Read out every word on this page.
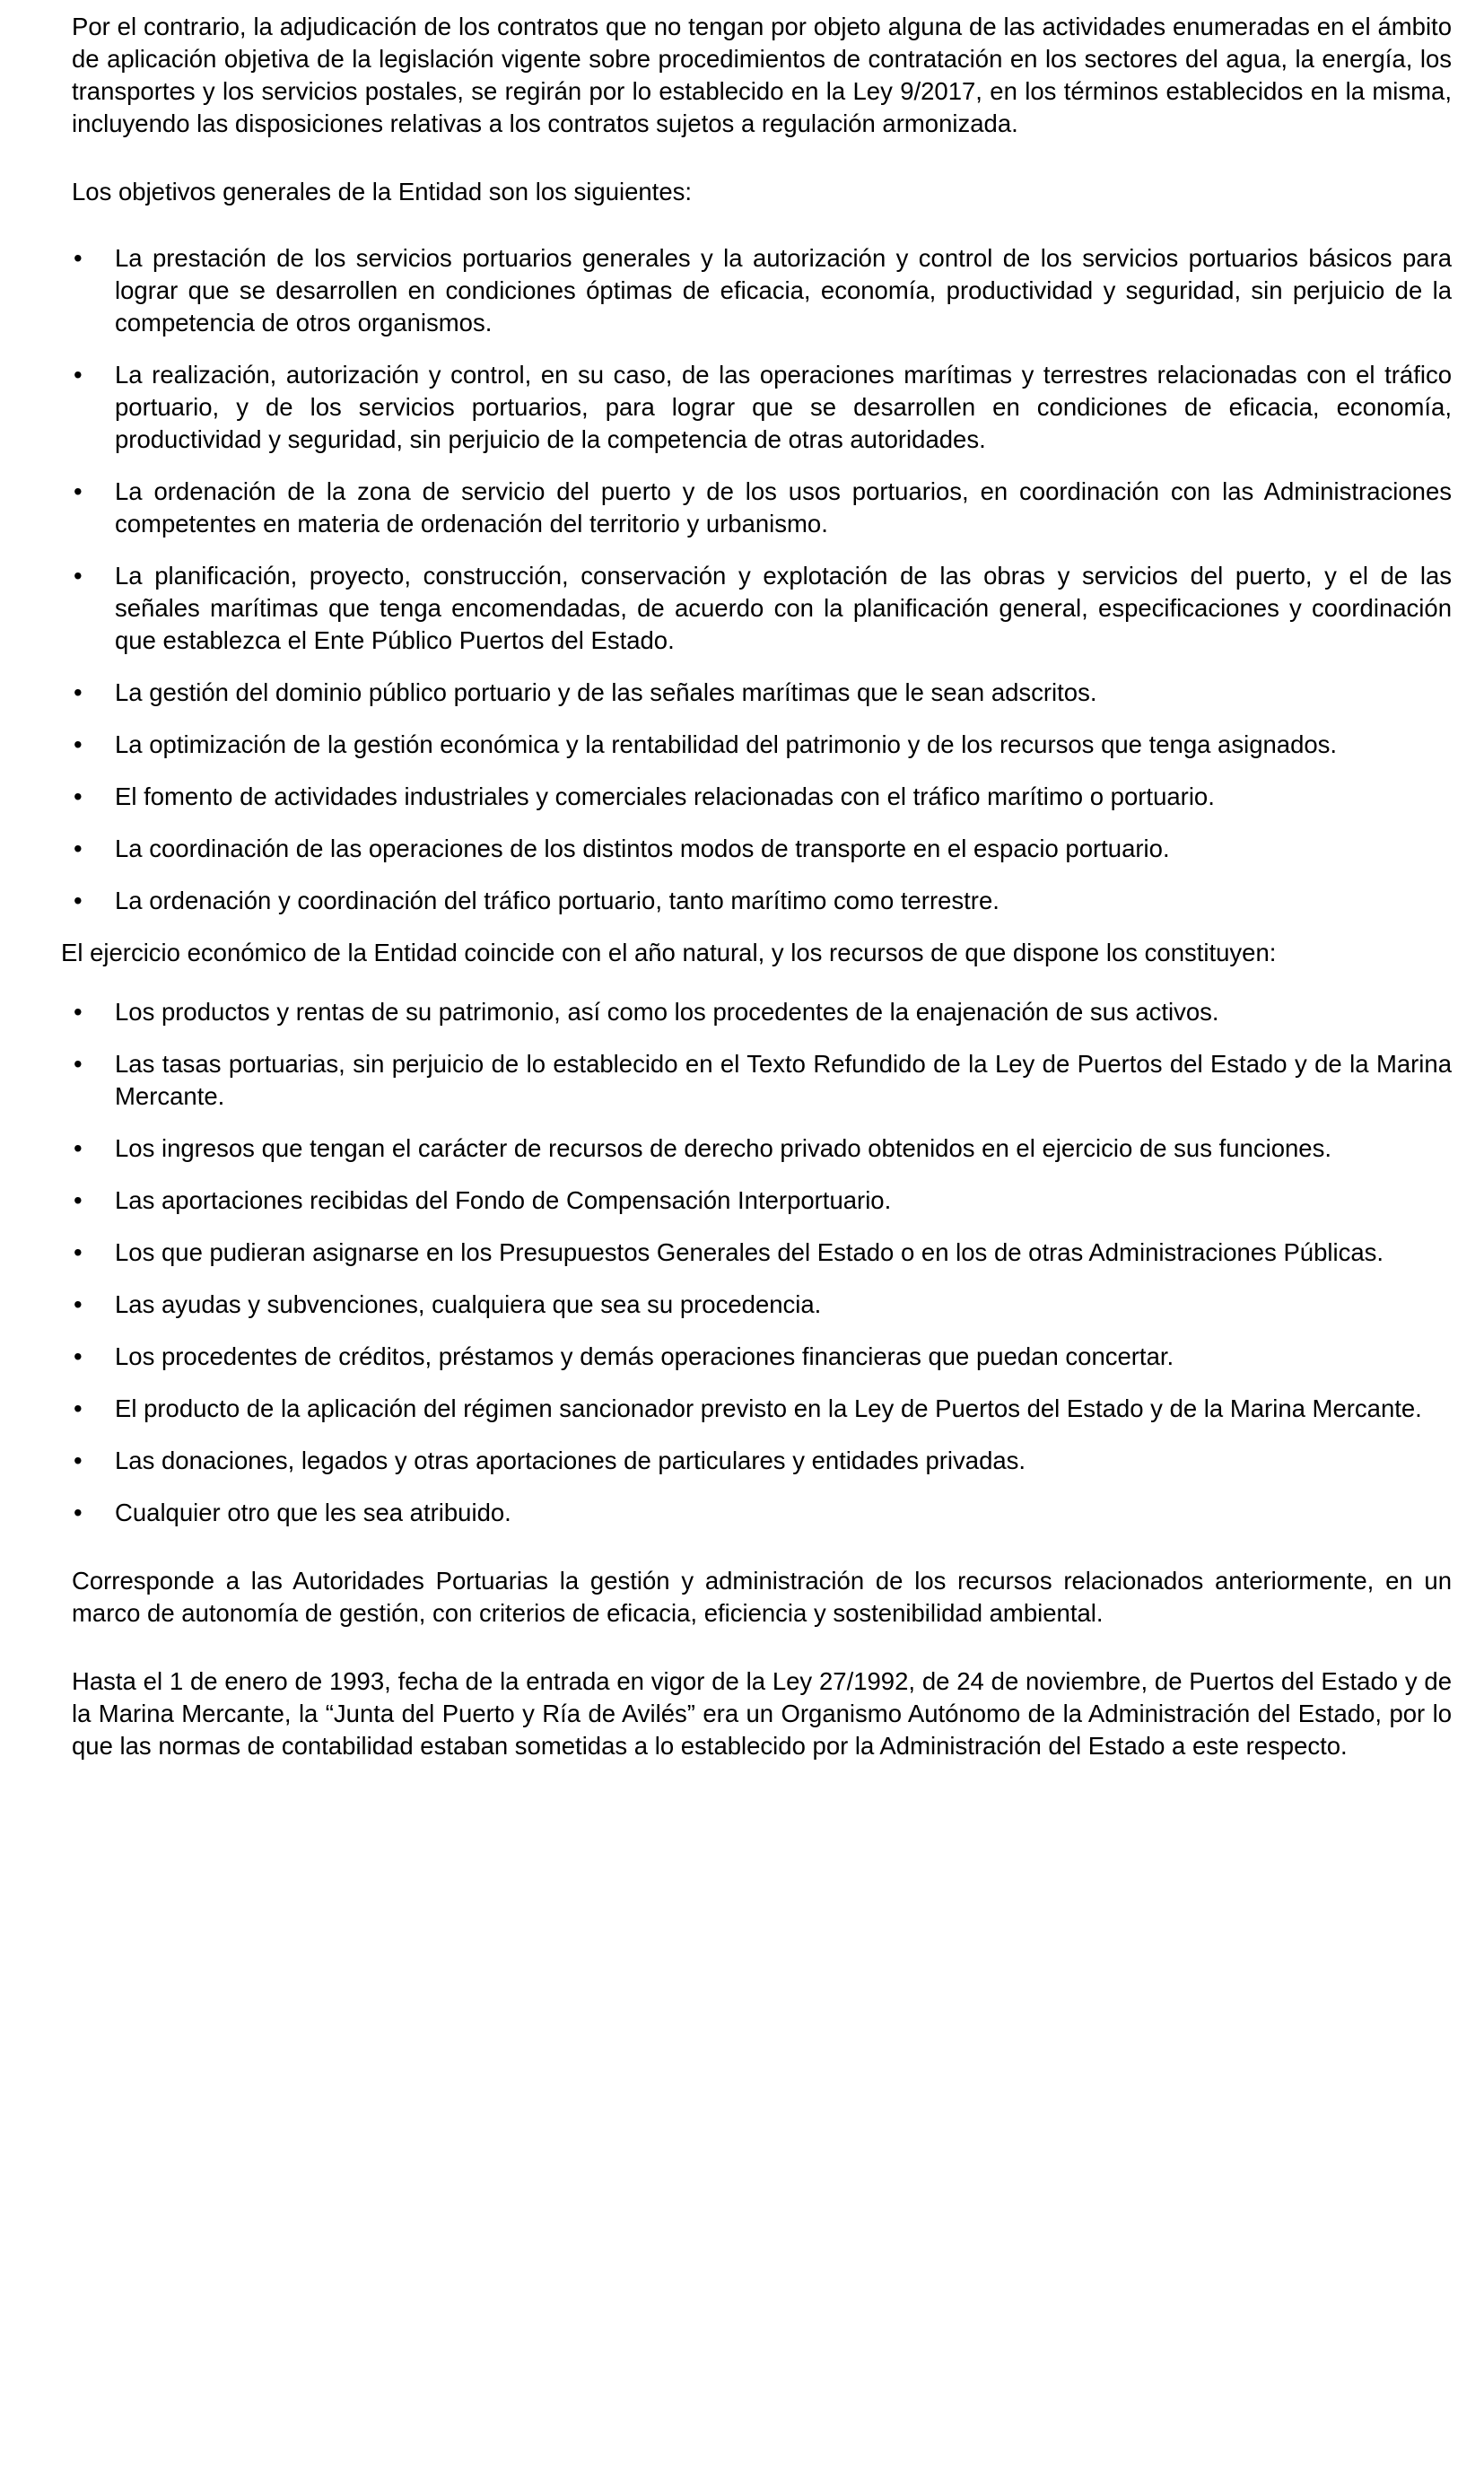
Por el contrario, la adjudicación de los contratos que no tengan por objeto alguna de las actividades enumeradas en el ámbito de aplicación objetiva de la legislación vigente sobre procedimientos de contratación en los sectores del agua, la energía, los transportes y los servicios postales, se regirán por lo establecido en la Ley 9/2017, en los términos establecidos en la misma, incluyendo las disposiciones relativas a los contratos sujetos a regulación armonizada.

Los objetivos generales de la Entidad son los siguientes:

•	La prestación de los servicios portuarios generales y la autorización y control de los servicios portuarios básicos para lograr que se desarrollen en condiciones óptimas de eficacia, economía, productividad y seguridad, sin perjuicio de la competencia de otros organismos.
•	La realización, autorización y control, en su caso, de las operaciones marítimas y terrestres relacionadas con el tráfico portuario, y de los servicios portuarios, para lograr que se desarrollen en condiciones de eficacia, economía, productividad y seguridad, sin perjuicio de la competencia de otras autoridades.
•	La ordenación de la zona de servicio del puerto y de los usos portuarios, en coordinación con las Administraciones competentes en materia de ordenación del territorio y urbanismo.
•	La planificación, proyecto, construcción, conservación y explotación de las obras y servicios del puerto, y el de las señales marítimas que tenga encomendadas, de acuerdo con la planificación general, especificaciones y coordinación que establezca el Ente Público Puertos del Estado.
•	La gestión del dominio público portuario y de las señales marítimas que le sean adscritos.
•	La optimización de la gestión económica y la rentabilidad del patrimonio y de los recursos que tenga asignados.
•	El fomento de actividades industriales y comerciales relacionadas con el tráfico marítimo o portuario.
•	La coordinación de las operaciones de los distintos modos de transporte en el espacio portuario.
•	La ordenación y coordinación del tráfico portuario, tanto marítimo como terrestre.

El ejercicio económico de la Entidad coincide con el año natural, y los recursos de que dispone los constituyen:

•	Los productos y rentas de su patrimonio, así como los procedentes de la enajenación de sus activos.
•	Las tasas portuarias, sin perjuicio de lo establecido en el Texto Refundido de la Ley de Puertos del Estado y de la Marina Mercante.
•	Los ingresos que tengan el carácter de recursos de derecho privado obtenidos en el ejercicio de sus funciones.
•	Las aportaciones recibidas del Fondo de Compensación Interportuario.
•	Los que pudieran asignarse en los Presupuestos Generales del Estado o en los de otras Administraciones Públicas.
•	Las ayudas y subvenciones, cualquiera que sea su procedencia.
•	Los procedentes de créditos, préstamos y demás operaciones financieras que puedan concertar.
•	El producto de la aplicación del régimen sancionador previsto en la Ley de Puertos del Estado y de la Marina Mercante.
•	Las donaciones, legados y otras aportaciones de particulares y entidades privadas.
•	Cualquier otro que les sea atribuido.

Corresponde a las Autoridades Portuarias la gestión y administración de los recursos relacionados anteriormente, en un marco de autonomía de gestión, con criterios de eficacia, eficiencia y sostenibilidad ambiental.

Hasta el 1 de enero de 1993, fecha de la entrada en vigor de la Ley 27/1992, de 24 de noviembre, de Puertos del Estado y de la Marina Mercante, la “Junta del Puerto y Ría de Avilés” era un Organismo Autónomo de la Administración del Estado, por lo que las normas de contabilidad estaban sometidas a lo establecido por la Administración del Estado a este respecto.
